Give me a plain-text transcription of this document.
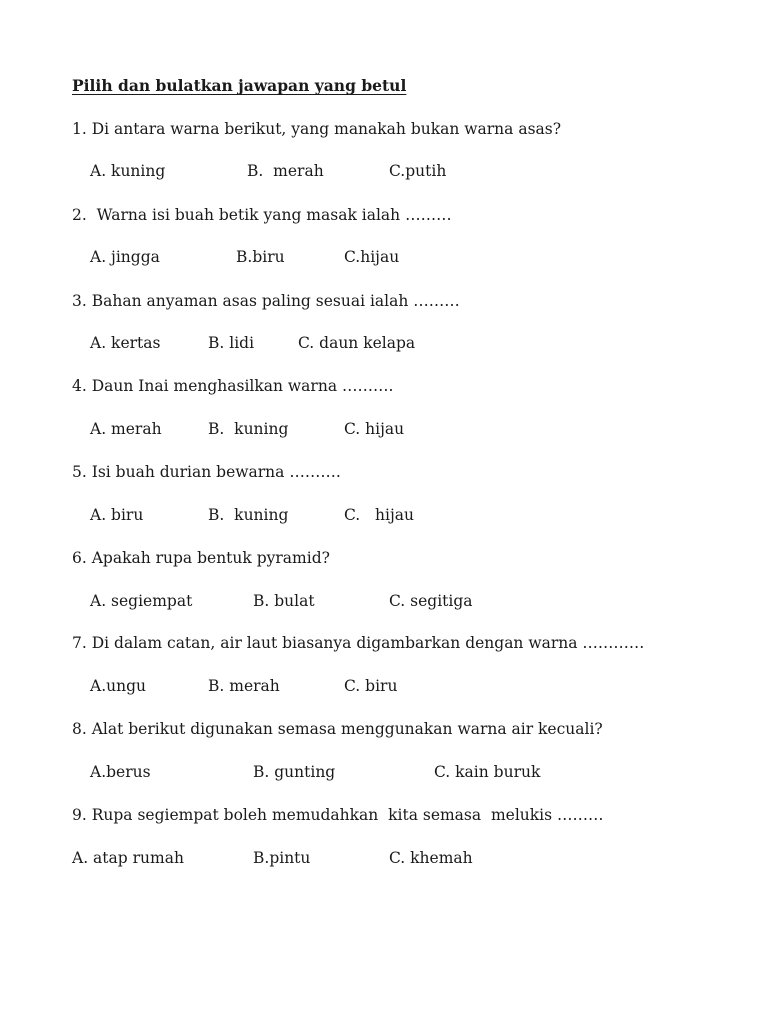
Pilih dan bulatkan jawapan yang betul
1. Di antara warna berikut, yang manakah bukan warna asas?
A. kuning	B.  merah	C.putih
2.  Warna isi buah betik yang masak ialah ………
A. jingga	B.biru	C.hijau
3. Bahan anyaman asas paling sesuai ialah ………
A. kertas	B. lidi	C. daun kelapa
4. Daun Inai menghasilkan warna ……….
A. merah	B.  kuning	C. hijau
5. Isi buah durian bewarna ……….
A. biru	B.  kuning	C.   hijau
6. Apakah rupa bentuk pyramid?
A. segiempat	B. bulat	C. segitiga
7. Di dalam catan, air laut biasanya digambarkan dengan warna …………
A.ungu	B. merah	C. biru
8. Alat berikut digunakan semasa menggunakan warna air kecuali?
A.berus	B. gunting	C. kain buruk
9. Rupa segiempat boleh memudahkan  kita semasa  melukis ………
A. atap rumah	B.pintu	C. khemah
